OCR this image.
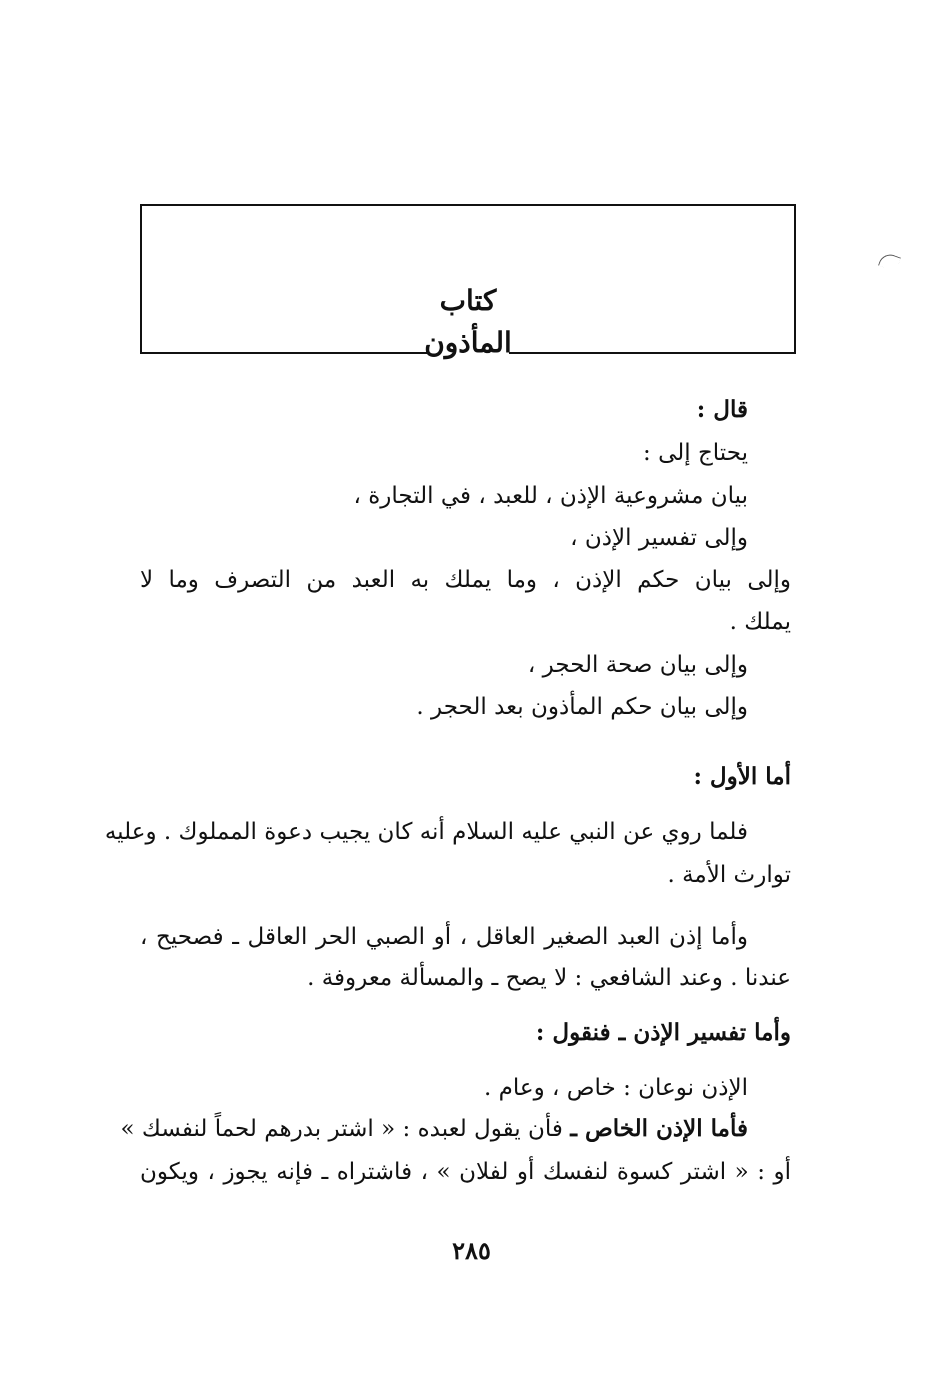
كتاب
المأذون
قال :
يحتاج إلى :
بيان مشروعية الإذن ، للعبد ، في التجارة ،
وإلى تفسير الإذن ،
وإلى بيان حكم الإذن ، وما يملك به العبد من التصرف وما لا
يملك .
وإلى بيان صحة الحجر ،
وإلى بيان حكم المأذون بعد الحجر .
أما الأول :
فلما روي عن النبي عليه السلام أنه كان يجيب دعوة المملوك . وعليه
توارث الأمة .
وأما إذن العبد الصغير العاقل ، أو الصبي الحر العاقل ـ فصحيح ،
عندنا . وعند الشافعي : لا يصح ـ والمسألة معروفة .
وأما تفسير الإذن ـ فنقول :
الإذن نوعان : خاص ، وعام .
فأما الإذن الخاص ـ فأن يقول لعبده : « اشتر بدرهم لحماً لنفسك »
أو : « اشتر كسوة لنفسك أو لفلان » ، فاشتراه ـ فإنه يجوز ، ويكون
٢٨٥
